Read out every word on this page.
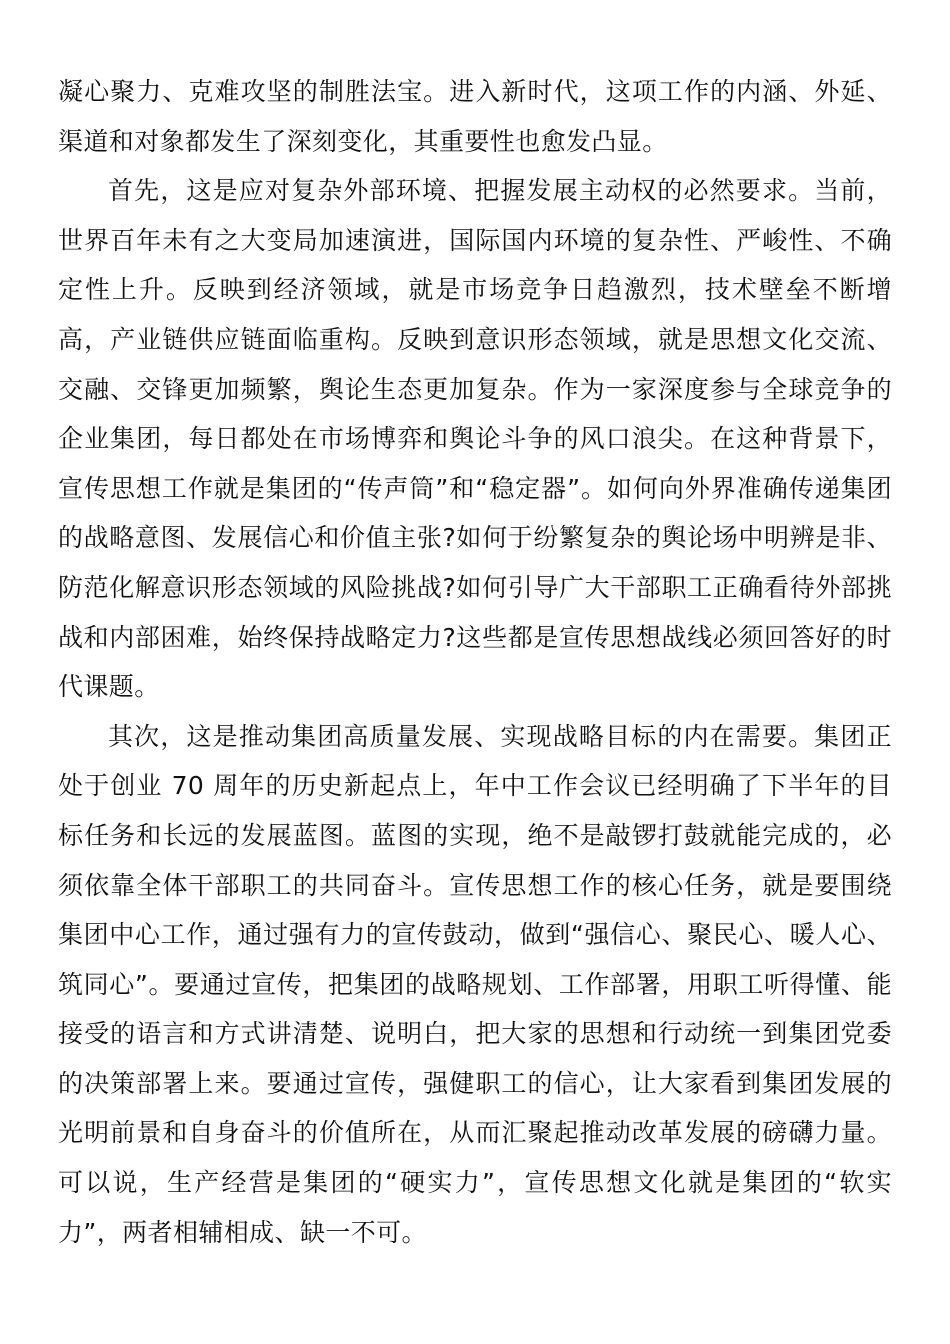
凝心聚力、克难攻坚的制胜法宝。进入新时代，这项工作的内涵、外延、渠道和对象都发生了深刻变化，其重要性也愈发凸显。

首先，这是应对复杂外部环境、把握发展主动权的必然要求。当前，世界百年未有之大变局加速演进，国际国内环境的复杂性、严峻性、不确定性上升。反映到经济领域，就是市场竞争日趋激烈，技术壁垒不断增高，产业链供应链面临重构。反映到意识形态领域，就是思想文化交流、交融、交锋更加频繁，舆论生态更加复杂。作为一家深度参与全球竞争的企业集团，每日都处在市场博弈和舆论斗争的风口浪尖。在这种背景下，宣传思想工作就是集团的“传声筒”和“稳定器”。如何向外界准确传递集团的战略意图、发展信心和价值主张?如何于纷繁复杂的舆论场中明辨是非、防范化解意识形态领域的风险挑战?如何引导广大干部职工正确看待外部挑战和内部困难，始终保持战略定力?这些都是宣传思想战线必须回答好的时代课题。

其次，这是推动集团高质量发展、实现战略目标的内在需要。集团正处于创业 70 周年的历史新起点上，年中工作会议已经明确了下半年的目标任务和长远的发展蓝图。蓝图的实现，绝不是敲锣打鼓就能完成的，必须依靠全体干部职工的共同奋斗。宣传思想工作的核心任务，就是要围绕集团中心工作，通过强有力的宣传鼓动，做到“强信心、聚民心、暖人心、筑同心”。要通过宣传，把集团的战略规划、工作部署，用职工听得懂、能接受的语言和方式讲清楚、说明白，把大家的思想和行动统一到集团党委的决策部署上来。要通过宣传，强健职工的信心，让大家看到集团发展的光明前景和自身奋斗的价值所在，从而汇聚起推动改革发展的磅礴力量。可以说，生产经营是集团的“硬实力”，宣传思想文化就是集团的“软实力”，两者相辅相成、缺一不可。
